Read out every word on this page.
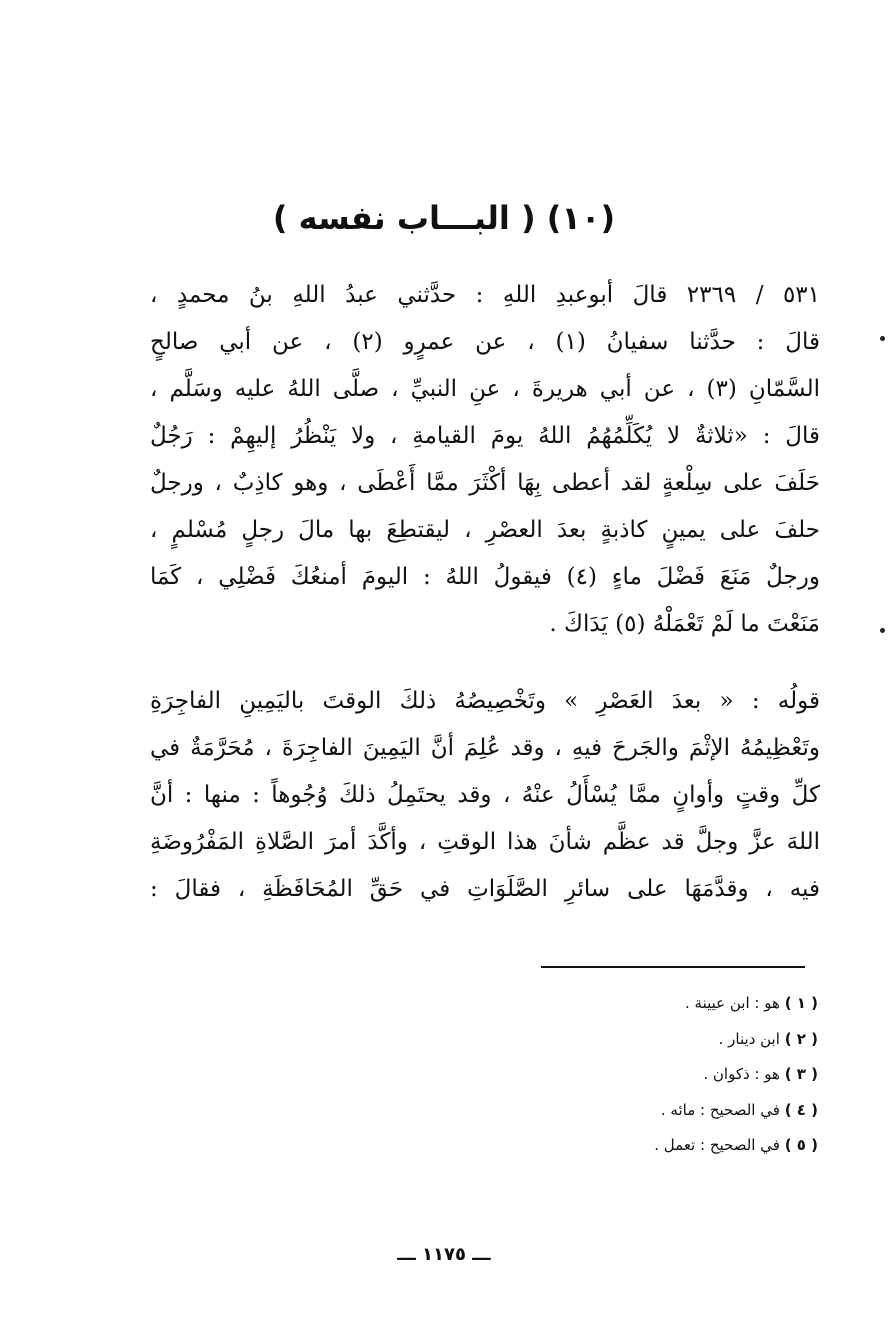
(١٠) ( البـــاب نفسه )
٥٣١ / ٢٣٦٩ قالَ أبوعبدِ اللهِ : حدَّثني عبدُ اللهِ بنُ محمدٍ ،
قالَ : حدَّثنا سفيانُ (١) ، عن عمرٍو (٢) ، عن أبي صالحٍ
السَّمّانِ (٣) ، عن أبي هريرةَ ، عنِ النبيِّ ، صلَّى اللهُ عليه وسَلَّم ،
قالَ : «ثلاثةٌ لا يُكَلِّمُهُمُ اللهُ يومَ القيامةِ ، ولا يَنْظُرُ إليهِمْ : رَجُلٌ
حَلَفَ على سِلْعةٍ لقد أعطى بِهَا أكْثَرَ ممَّا أَعْطَى ، وهو كاذِبٌ ، ورجلٌ
حلفَ على يمينٍ كاذبةٍ بعدَ العصْرِ ، ليقتطِعَ بها مالَ رجلٍ مُسْلمٍ ،
ورجلٌ مَنَعَ فَضْلَ ماءٍ (٤) فيقولُ اللهُ : اليومَ أمنعُكَ فَضْلِي ، كَمَا
مَنَعْتَ ما لَمْ تَعْمَلْهُ (٥) يَدَاكَ .
قولُه : « بعدَ العَصْرِ » وتَخْصِيصُهُ ذلكَ الوقتَ باليَمِينِ الفاجِرَةِ
وتَعْظِيمُهُ الإثْمَ والجَرحَ فيهِ ، وقد عُلِمَ أنَّ اليَمِينَ الفاجِرَةَ ، مُحَرَّمَةٌ في
كلِّ وقتٍ وأوانٍ ممَّا يُسْأَلُ عنْهُ ، وقد يحتَمِلُ ذلكَ وُجُوهاً : منها : أنَّ
اللهَ عزَّ وجلَّ قد عظَّم شأنَ هذا الوقتِ ، وأكَّدَ أمرَ الصَّلاةِ المَفْرُوضَةِ
فيه ، وقدَّمَهَا على سائرِ الصَّلَوَاتِ في حَقِّ المُحَافَظَةِ ، فقالَ :
( ١ ) هو : ابن عيينة .
( ٢ ) ابن دينار .
( ٣ ) هو : ذكوان .
( ٤ ) في الصحيح : مائه .
( ٥ ) في الصحيح : تعمل .
ـــ ١١٧٥ ـــ
